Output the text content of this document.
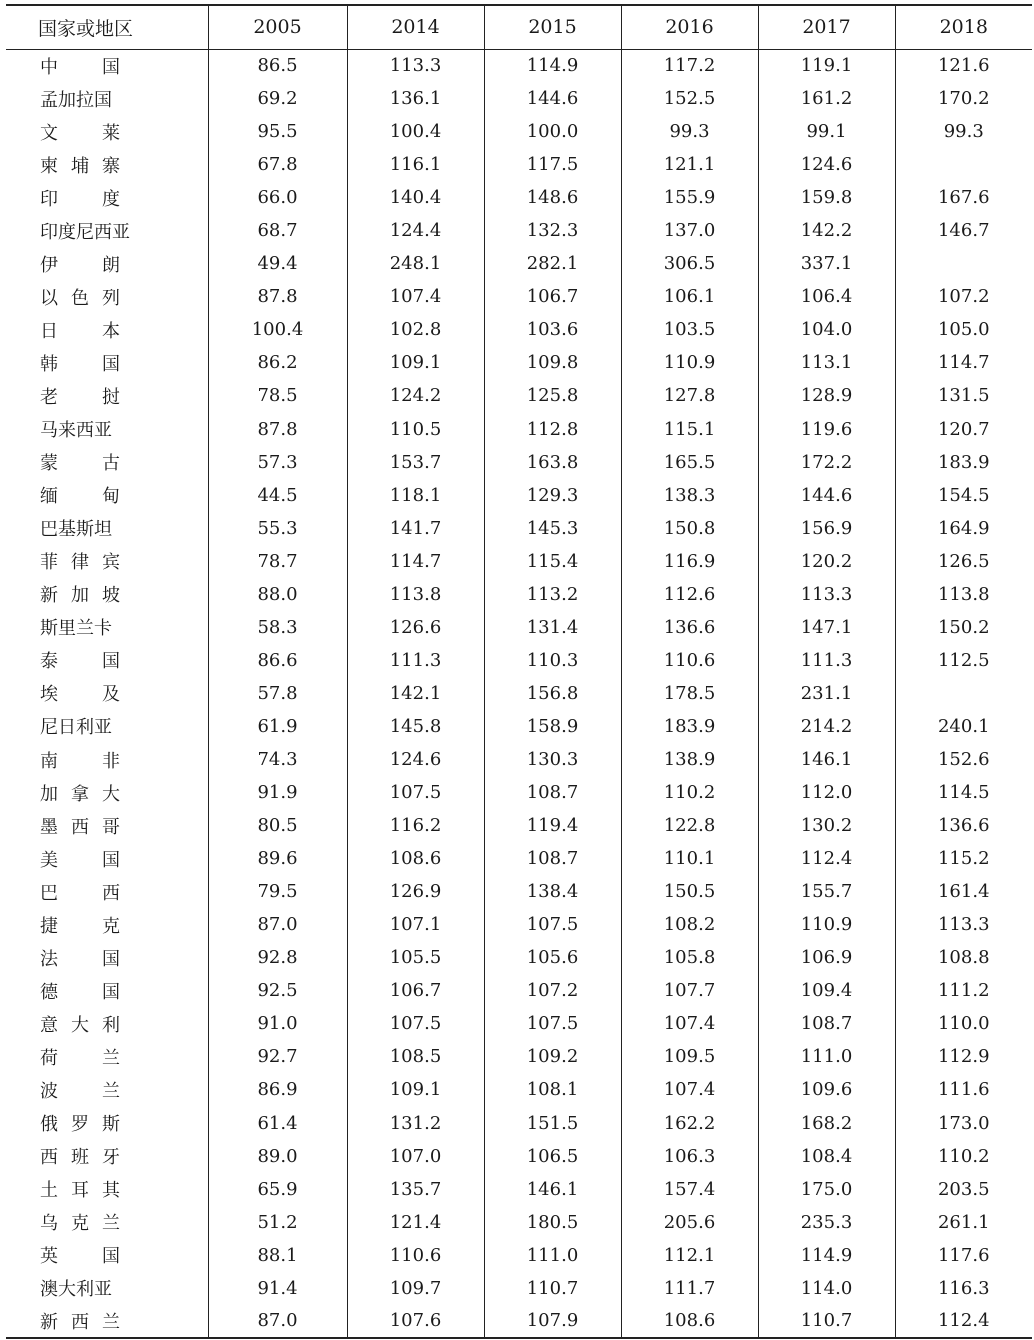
国家或地区	2005	2014	2015	2016	2017	2018
中 国	86.5	113.3	114.9	117.2	119.1	121.6
孟加拉国	69.2	136.1	144.6	152.5	161.2	170.2
文 莱	95.5	100.4	100.0	99.3	99.1	99.3
柬埔寨	67.8	116.1	117.5	121.1	124.6	
印 度	66.0	140.4	148.6	155.9	159.8	167.6
印度尼西亚	68.7	124.4	132.3	137.0	142.2	146.7
伊 朗	49.4	248.1	282.1	306.5	337.1	
以色列	87.8	107.4	106.7	106.1	106.4	107.2
日 本	100.4	102.8	103.6	103.5	104.0	105.0
韩 国	86.2	109.1	109.8	110.9	113.1	114.7
老 挝	78.5	124.2	125.8	127.8	128.9	131.5
马来西亚	87.8	110.5	112.8	115.1	119.6	120.7
蒙 古	57.3	153.7	163.8	165.5	172.2	183.9
缅 甸	44.5	118.1	129.3	138.3	144.6	154.5
巴基斯坦	55.3	141.7	145.3	150.8	156.9	164.9
菲律宾	78.7	114.7	115.4	116.9	120.2	126.5
新加坡	88.0	113.8	113.2	112.6	113.3	113.8
斯里兰卡	58.3	126.6	131.4	136.6	147.1	150.2
泰 国	86.6	111.3	110.3	110.6	111.3	112.5
埃 及	57.8	142.1	156.8	178.5	231.1	
尼日利亚	61.9	145.8	158.9	183.9	214.2	240.1
南 非	74.3	124.6	130.3	138.9	146.1	152.6
加拿大	91.9	107.5	108.7	110.2	112.0	114.5
墨西哥	80.5	116.2	119.4	122.8	130.2	136.6
美 国	89.6	108.6	108.7	110.1	112.4	115.2
巴 西	79.5	126.9	138.4	150.5	155.7	161.4
捷 克	87.0	107.1	107.5	108.2	110.9	113.3
法 国	92.8	105.5	105.6	105.8	106.9	108.8
德 国	92.5	106.7	107.2	107.7	109.4	111.2
意大利	91.0	107.5	107.5	107.4	108.7	110.0
荷 兰	92.7	108.5	109.2	109.5	111.0	112.9
波 兰	86.9	109.1	108.1	107.4	109.6	111.6
俄罗斯	61.4	131.2	151.5	162.2	168.2	173.0
西班牙	89.0	107.0	106.5	106.3	108.4	110.2
土耳其	65.9	135.7	146.1	157.4	175.0	203.5
乌克兰	51.2	121.4	180.5	205.6	235.3	261.1
英 国	88.1	110.6	111.0	112.1	114.9	117.6
澳大利亚	91.4	109.7	110.7	111.7	114.0	116.3
新西兰	87.0	107.6	107.9	108.6	110.7	112.4
